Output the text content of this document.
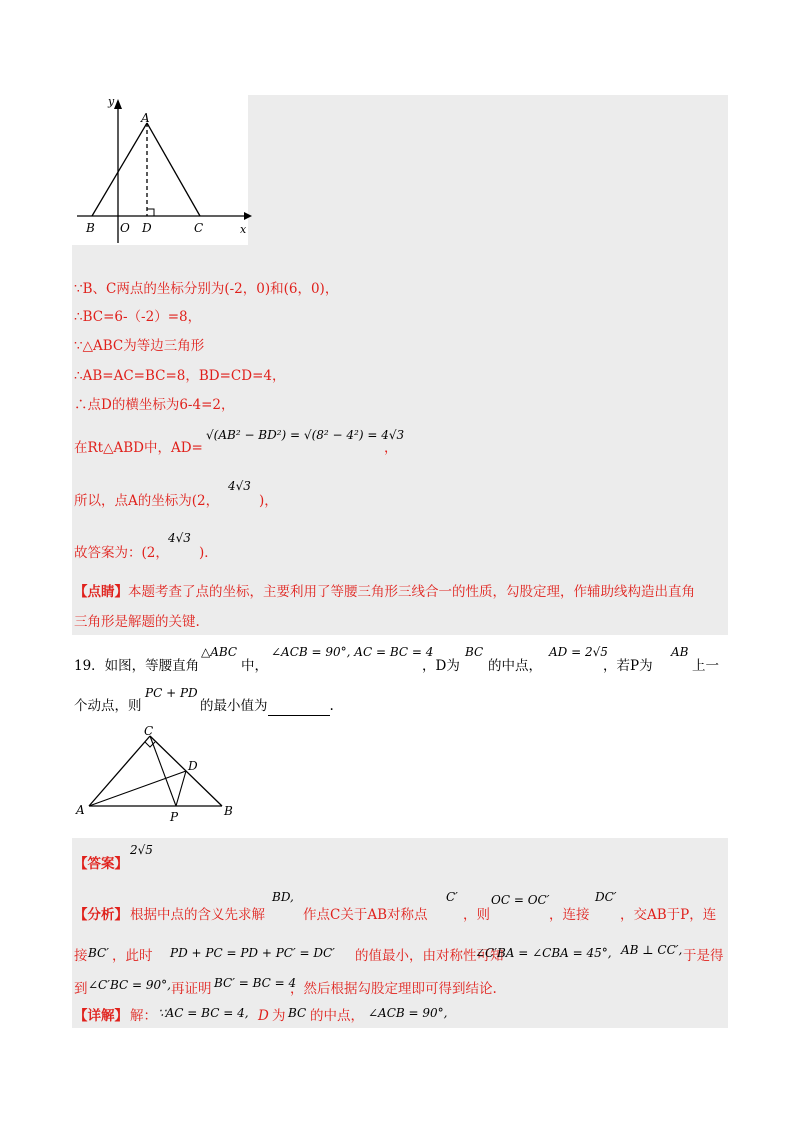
y
x
A
B O D	C
∵B、C两点的坐标分别为(-2，0)和(6，0)，
∴BC=6-（-2）=8，
∵△ABC为等边三角形
∴AB=AC=BC=8，BD=CD=4，
∴点D的横坐标为6-4=2，
在Rt△ABD中，AD=
√(AB² − BD²) = √(8² − 4²) = 4√3
，
所以，点A的坐标为(2，
4√3
)，
故答案为：(2，
4√3
)．
【点睛】本题考查了点的坐标，主要利用了等腰三角形三线合一的性质，勾股定理，作辅助线构造出直角
三角形是解题的关键.
19．如图，等腰直角
△ABC
中，
∠ACB = 90°, AC = BC = 4
，D为
BC
的中点，
AD = 2√5
，若P为
AB
上一
个动点，则
PC + PD
的最小值为	.
C
D
A	P	B
【答案】
2√5
【分析】 根据中点的含义先求解
BD,
作点C关于AB对称点
C′
，则
OC = OC′
，连接
DC′
，交AB于P，连
接 BC′ ，此时 PD + PC = PD + PC′ = DC′ 的值最小，由对称性可知
∠C′BA = ∠CBA = 45°, AB ⊥ CC′, 于是得
到 ∠C′BC = 90°, 再证明 BC′ = BC = 4
，然后根据勾股定理即可得到结论.
【详解】 解： ∵AC = BC = 4, D 为 BC 的中点， ∠ACB = 90°,
